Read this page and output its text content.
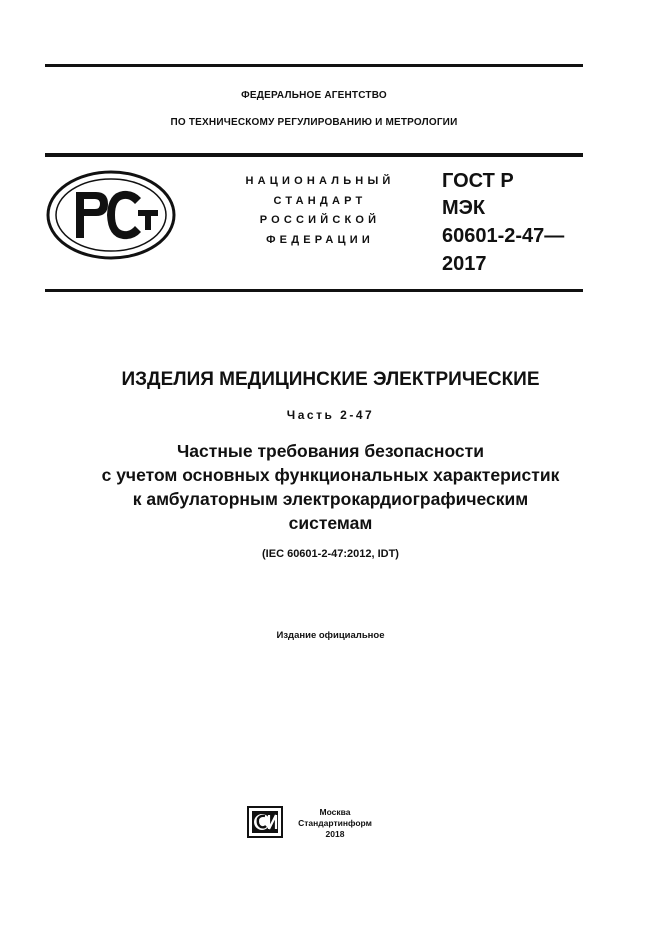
ФЕДЕРАЛЬНОЕ АГЕНТСТВО
ПО ТЕХНИЧЕСКОМУ РЕГУЛИРОВАНИЮ И МЕТРОЛОГИИ
НАЦИОНАЛЬНЫЙ
СТАНДАРТ
РОССИЙСКОЙ
ФЕДЕРАЦИИ
ГОСТ Р
МЭК
60601-2-47—
2017
ИЗДЕЛИЯ МЕДИЦИНСКИЕ ЭЛЕКТРИЧЕСКИЕ
Часть 2-47
Частные требования безопасности
с учетом основных функциональных характеристик
к амбулаторным электрокардиографическим
системам
(IEC 60601-2-47:2012, IDT)
Издание официальное
Москва
Стандартинформ
2018
